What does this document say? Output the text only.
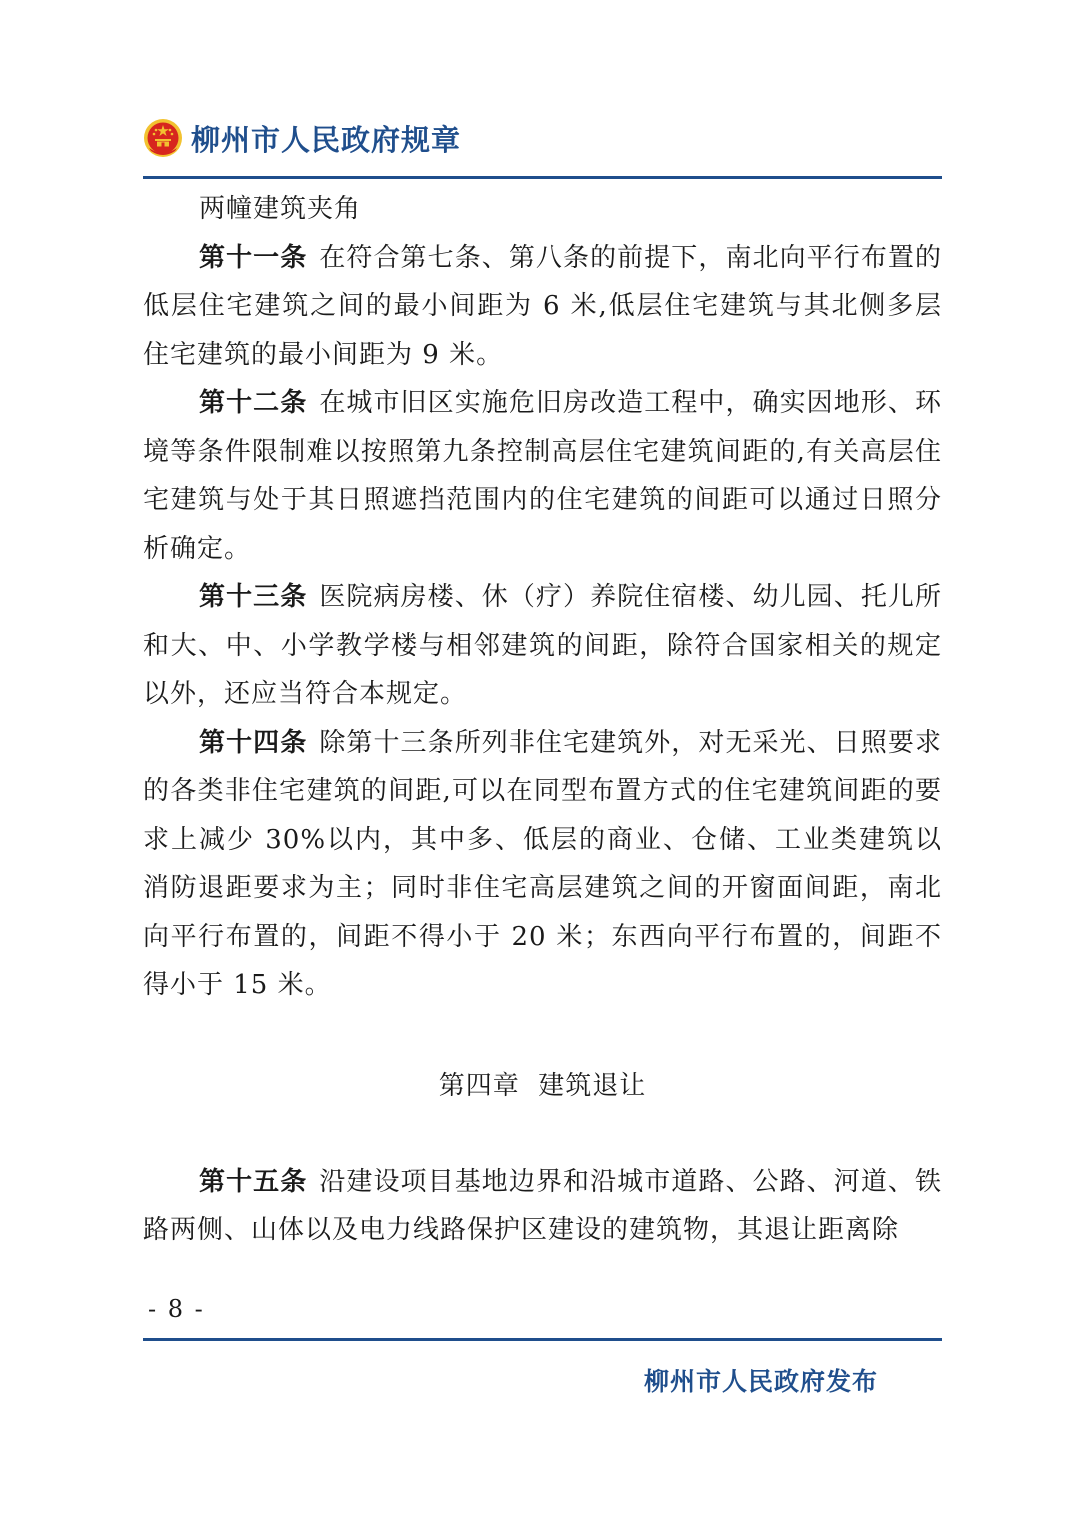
柳州市人民政府规章

两幢建筑夹角

第十一条 在符合第七条、第八条的前提下，南北向平行布置的低层住宅建筑之间的最小间距为 6 米,低层住宅建筑与其北侧多层住宅建筑的最小间距为 9 米。

第十二条 在城市旧区实施危旧房改造工程中，确实因地形、环境等条件限制难以按照第九条控制高层住宅建筑间距的,有关高层住宅建筑与处于其日照遮挡范围内的住宅建筑的间距可以通过日照分析确定。

第十三条 医院病房楼、休（疗）养院住宿楼、幼儿园、托儿所和大、中、小学教学楼与相邻建筑的间距，除符合国家相关的规定以外，还应当符合本规定。

第十四条 除第十三条所列非住宅建筑外，对无采光、日照要求的各类非住宅建筑的间距,可以在同型布置方式的住宅建筑间距的要求上减少 30%以内，其中多、低层的商业、仓储、工业类建筑以消防退距要求为主；同时非住宅高层建筑之间的开窗面间距，南北向平行布置的，间距不得小于 20 米；东西向平行布置的，间距不得小于 15 米。

第四章  建筑退让

第十五条 沿建设项目基地边界和沿城市道路、公路、河道、铁路两侧、山体以及电力线路保护区建设的建筑物，其退让距离除

- 8 -
柳州市人民政府发布
